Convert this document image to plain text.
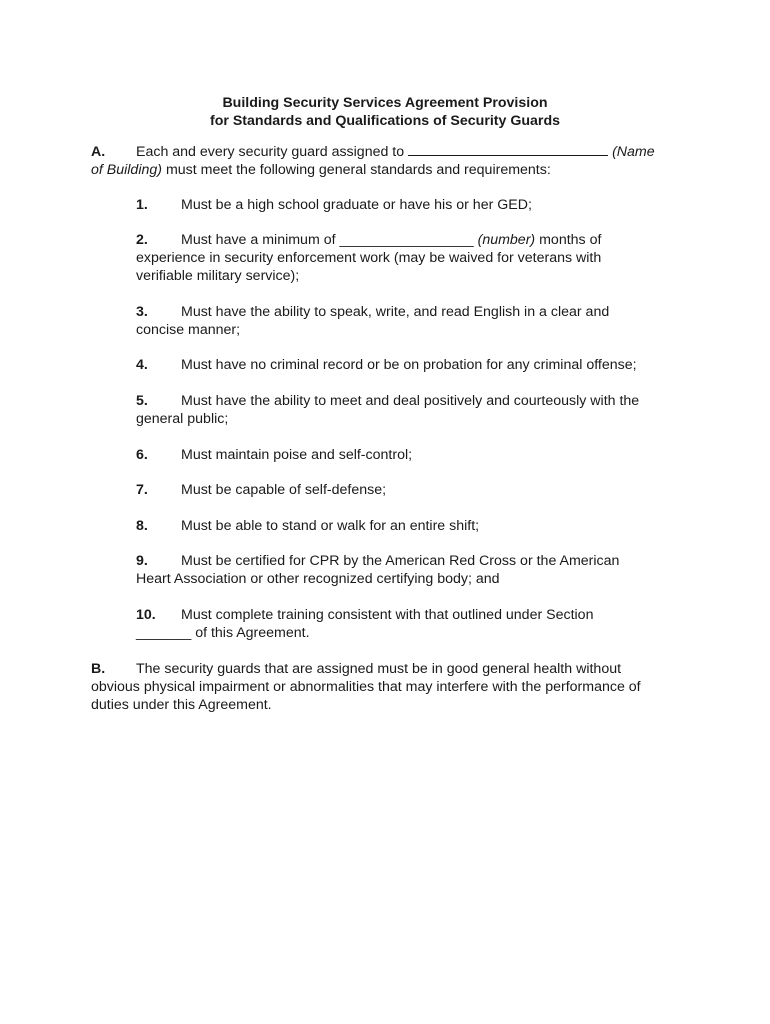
Building Security Services Agreement Provision
for Standards and Qualifications of Security Guards
A. Each and every security guard assigned to	(Name
of Building) must meet the following general standards and requirements:
1. Must be a high school graduate or have his or her GED;
2. Must have a minimum of _________________ (number) months of
experience in security enforcement work (may be waived for veterans with
verifiable military service);
3. Must have the ability to speak, write, and read English in a clear and
concise manner;
4. Must have no criminal record or be on probation for any criminal offense;
5. Must have the ability to meet and deal positively and courteously with the
general public;
6. Must maintain poise and self-control;
7. Must be capable of self-defense;
8. Must be able to stand or walk for an entire shift;
9. Must be certified for CPR by the American Red Cross or the American
Heart Association or other recognized certifying body; and
10. Must complete training consistent with that outlined under Section
_______ of this Agreement.
B. The security guards that are assigned must be in good general health without
obvious physical impairment or abnormalities that may interfere with the performance of
duties under this Agreement.
